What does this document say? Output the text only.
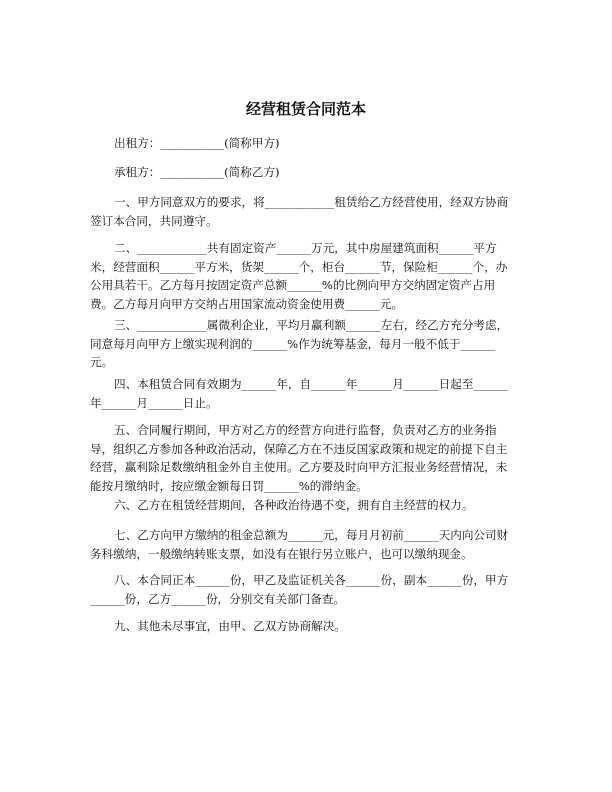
经营租赁合同范本
出租方：___________(简称甲方)
承租方：___________(简称乙方)
一、甲方同意双方的要求，将____________租赁给乙方经营使用，经双方协商
签订本合同，共同遵守。
二、____________共有固定资产______万元，其中房屋建筑面积______平方
米，经营面积______平方米，货架______个，柜台______节，保险柜______个，办
公用具若干。乙方每月按固定资产总额______%的比例向甲方交纳固定资产占用
费。乙方每月向甲方交纳占用国家流动资金使用费______元。
三、____________属微利企业，平均月赢利额______左右，经乙方充分考虑，
同意每月向甲方上缴实现利润的______%作为统筹基金，每月一般不低于______
元。
四、本租赁合同有效期为______年，自______年______月______日起至______
年______月______日止。
五、合同履行期间，甲方对乙方的经营方向进行监督，负责对乙方的业务指
导，组织乙方参加各种政治活动，保障乙方在不违反国家政策和规定的前提下自主
经营，赢利除足数缴纳租金外自主使用。乙方要及时向甲方汇报业务经营情况，未
能按月缴纳时，按应缴金额每日罚______%的滞纳金。
六、乙方在租赁经营期间，各种政治待遇不变，拥有自主经营的权力。
七、乙方向甲方缴纳的租金总额为______元，每月月初前______天内向公司财
务科缴纳，一般缴纳转账支票，如没有在银行另立账户，也可以缴纳现金。
八、本合同正本______份，甲乙及监证机关各______份，副本______份，甲方
______份，乙方______份，分别交有关部门备查。
九、其他未尽事宜，由甲、乙双方协商解决。
